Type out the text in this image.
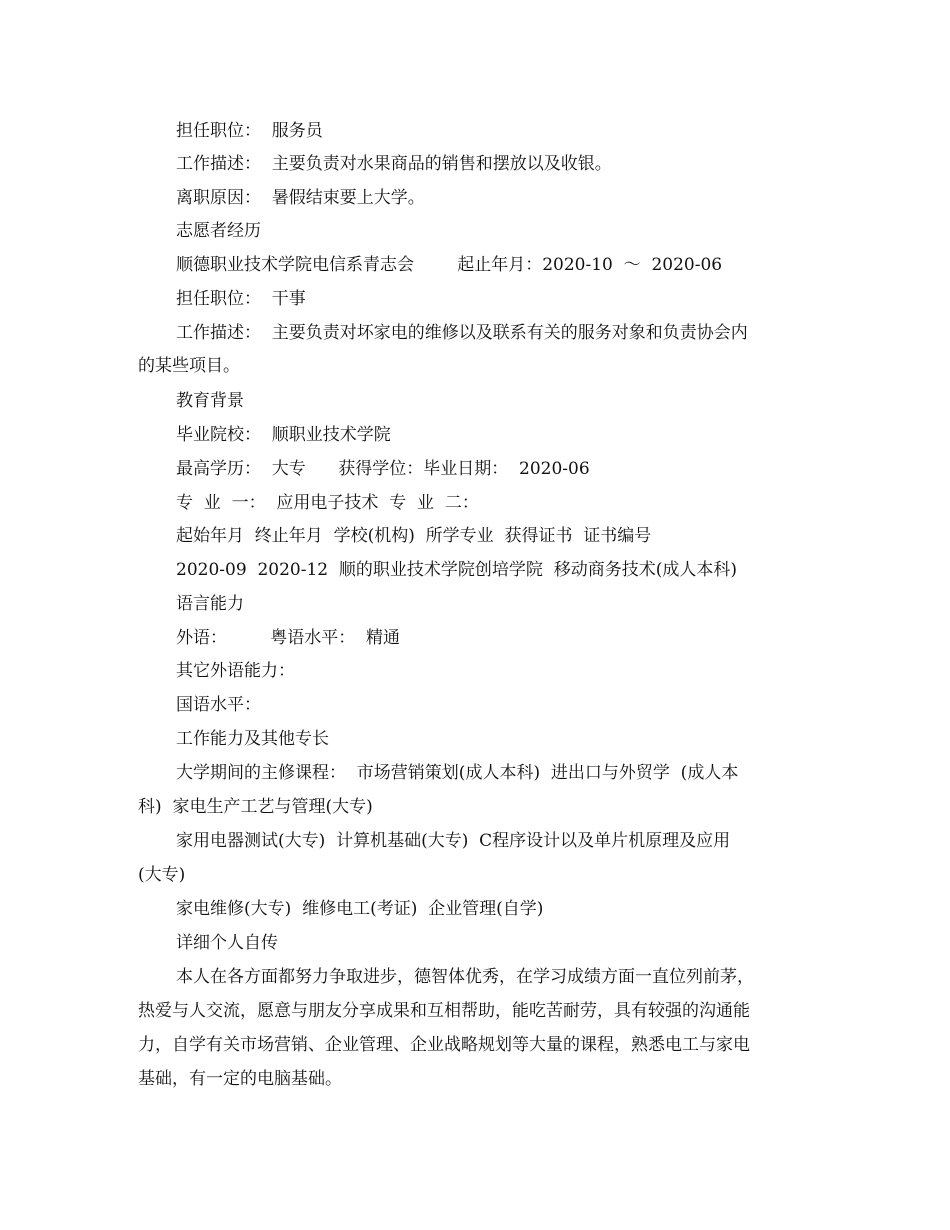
担任职位：  服务员
工作描述：  主要负责对水果商品的销售和摆放以及收银。
离职原因：  暑假结束要上大学。
志愿者经历
顺德职业技术学院电信系青志会        起止年月：2020-10  ～  2020-06
担任职位：  干事
工作描述：  主要负责对坏家电的维修以及联系有关的服务对象和负责协会内
的某些项目。
教育背景
毕业院校：  顺职业技术学院
最高学历：  大专      获得学位：毕业日期：  2020-06
专  业  一：  应用电子技术  专  业  二：
起始年月  终止年月  学校(机构)  所学专业  获得证书  证书编号
2020-09  2020-12  顺的职业技术学院创培学院  移动商务技术(成人本科)
语言能力
外语：        粤语水平：  精通
其它外语能力：
国语水平：
工作能力及其他专长
大学期间的主修课程：  市场营销策划(成人本科)  进出口与外贸学  (成人本
科)  家电生产工艺与管理(大专)
家用电器测试(大专)  计算机基础(大专)  C程序设计以及单片机原理及应用
(大专)
家电维修(大专)  维修电工(考证)  企业管理(自学)
详细个人自传
本人在各方面都努力争取进步，德智体优秀，在学习成绩方面一直位列前茅，
热爱与人交流，愿意与朋友分享成果和互相帮助，能吃苦耐劳，具有较强的沟通能
力，自学有关市场营销、企业管理、企业战略规划等大量的课程，熟悉电工与家电
基础，有一定的电脑基础。
